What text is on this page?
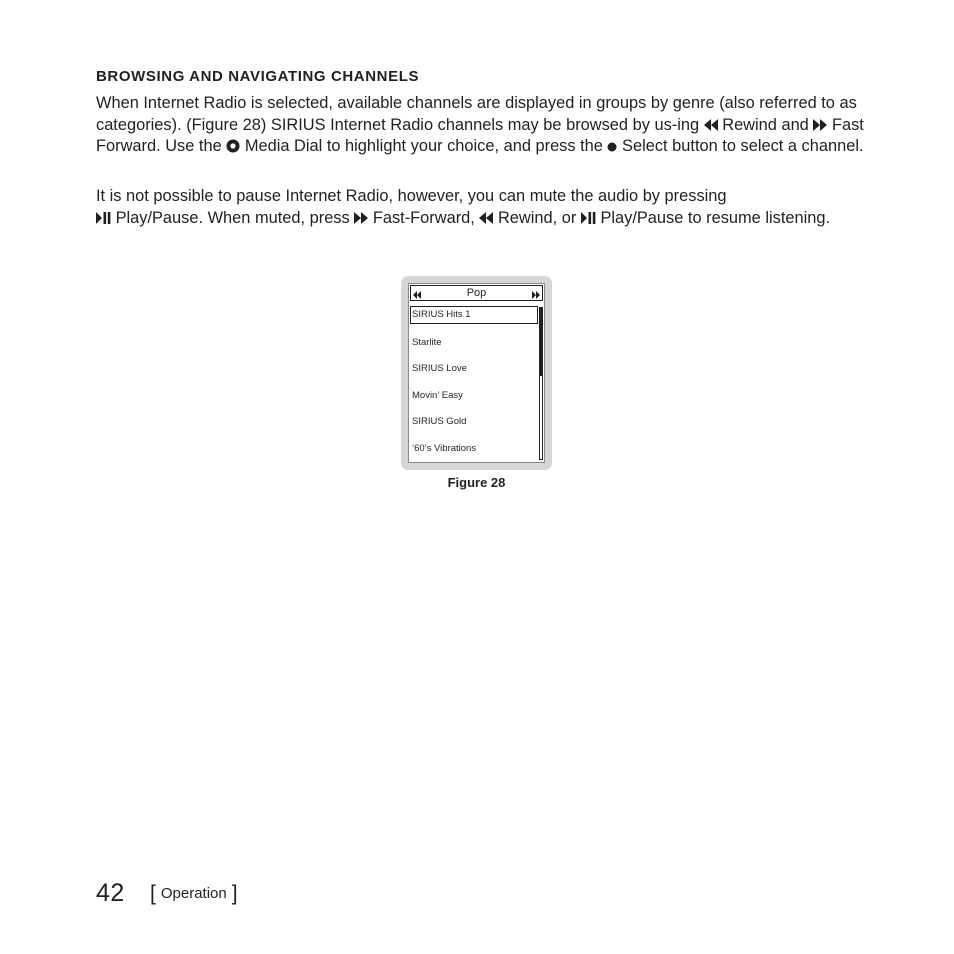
BROWSING AND NAVIGATING CHANNELS

When Internet Radio is selected, available channels are displayed in groups by genre (also referred to as categories). (Figure 28) SIRIUS Internet Radio channels may be browsed by us-ing Rewind and Fast Forward. Use the Media Dial to highlight your choice, and press the Select button to select a channel.

It is not possible to pause Internet Radio, however, you can mute the audio by pressing

Play/Pause. When muted, press Fast-Forward, Rewind, or Play/Pause to resume listening.

Pop
SIRIUS Hits 1
Starlite
SIRIUS Love
Movin’ Easy
SIRIUS Gold
‘60’s Vibrations
Figure 28
42 [ Operation ]
